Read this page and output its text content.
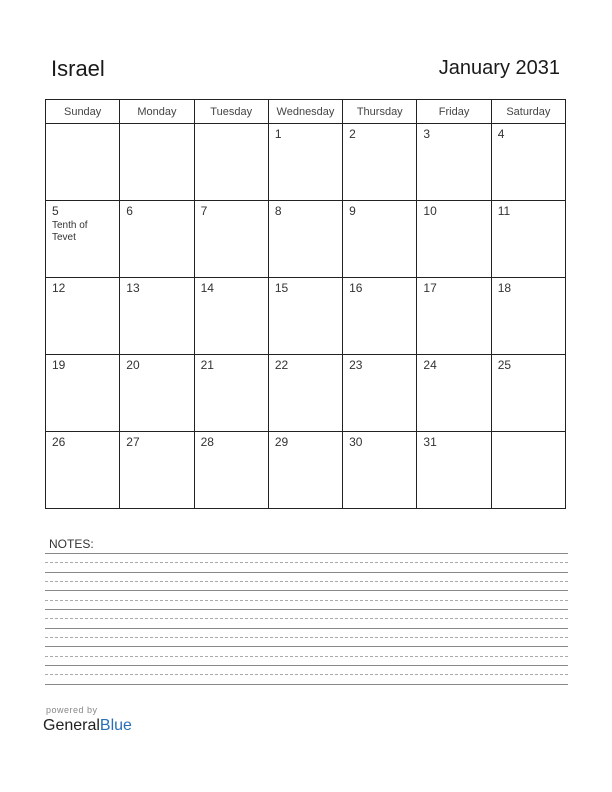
Israel	January 2031
Sunday	Monday	Tuesday	Wednesday	Thursday	Friday	Saturday

			1	2	3	4

5
Tenth of Tevet	6	7	8	9	10	11

12	13	14	15	16	17	18

19	20	21	22	23	24	25

26	27	28	29	30	31	

NOTES:
powered by
GeneralBlue
